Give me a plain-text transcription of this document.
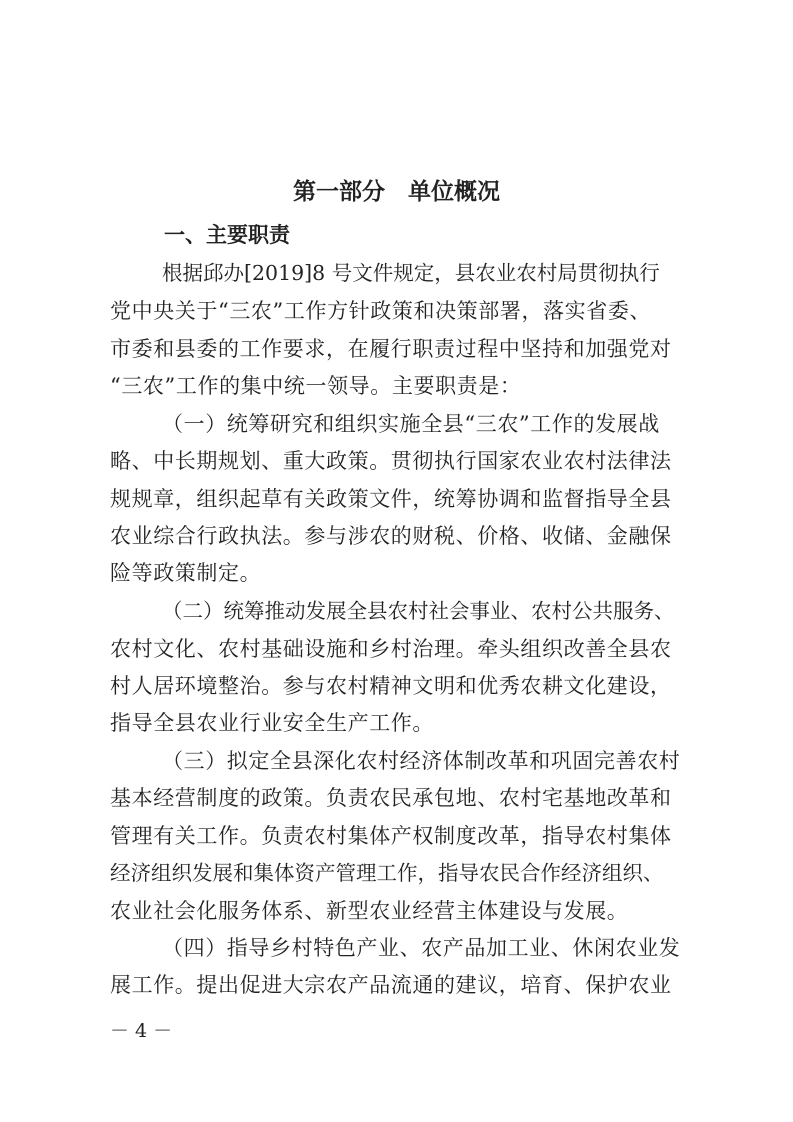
第一部分　单位概况
一、主要职责
根据邱办[2019]8 号文件规定，县农业农村局贯彻执行
党中央关于“三农”工作方针政策和决策部署，落实省委、
市委和县委的工作要求，在履行职责过程中坚持和加强党对
“三农”工作的集中统一领导。主要职责是：
（一）统筹研究和组织实施全县“三农”工作的发展战
略、中长期规划、重大政策。贯彻执行国家农业农村法律法
规规章，组织起草有关政策文件，统筹协调和监督指导全县
农业综合行政执法。参与涉农的财税、价格、收储、金融保
险等政策制定。
（二）统筹推动发展全县农村社会事业、农村公共服务、
农村文化、农村基础设施和乡村治理。牵头组织改善全县农
村人居环境整治。参与农村精神文明和优秀农耕文化建设，
指导全县农业行业安全生产工作。
（三）拟定全县深化农村经济体制改革和巩固完善农村
基本经营制度的政策。负责农民承包地、农村宅基地改革和
管理有关工作。负责农村集体产权制度改革，指导农村集体
经济组织发展和集体资产管理工作，指导农民合作经济组织、
农业社会化服务体系、新型农业经营主体建设与发展。
（四）指导乡村特色产业、农产品加工业、休闲农业发
展工作。提出促进大宗农产品流通的建议，培育、保护农业
－ 4 －
